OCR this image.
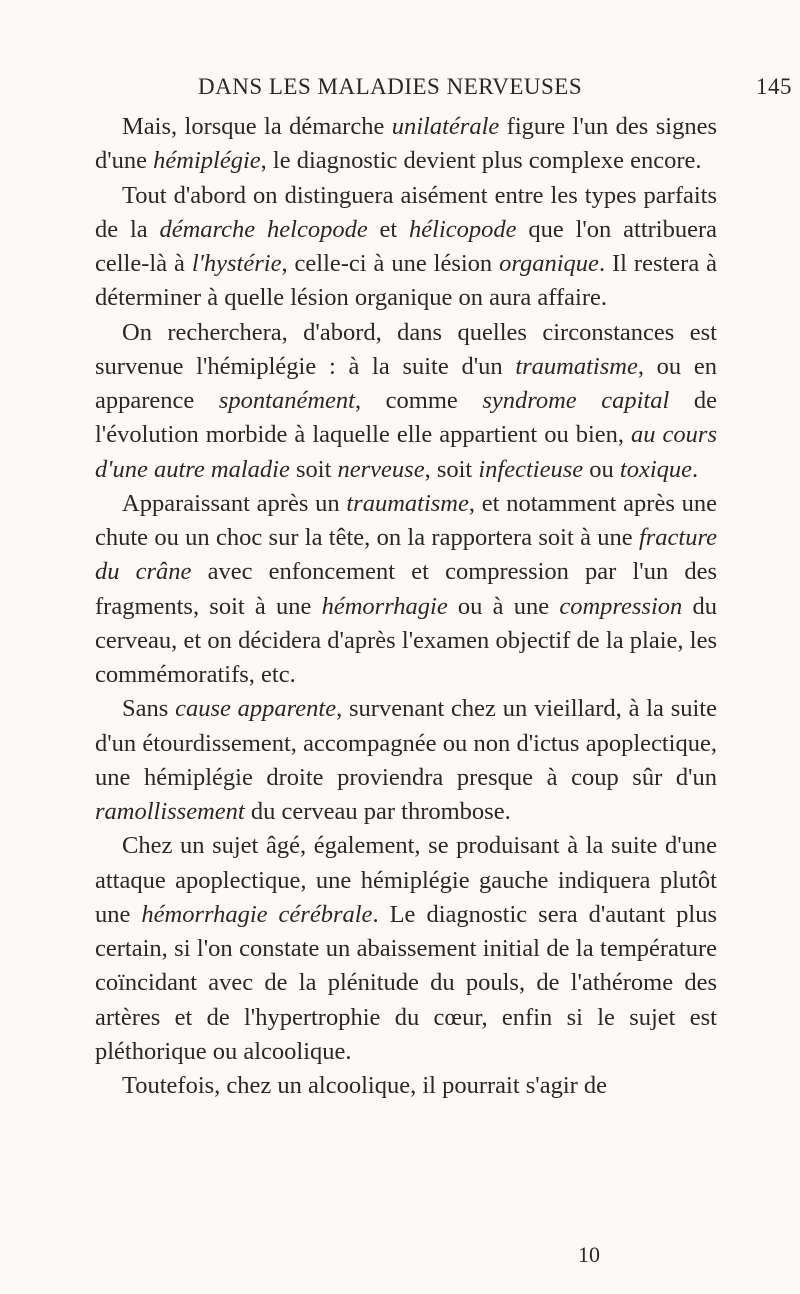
DANS LES MALADIES NERVEUSES	145

Mais, lorsque la démarche unilatérale figure l'un des signes d'une hémiplégie, le diagnostic devient plus complexe encore.

Tout d'abord on distinguera aisément entre les types parfaits de la démarche helcopode et hélicopode que l'on attribuera celle-là à l'hystérie, celle-ci à une lésion organique. Il restera à déterminer à quelle lésion organique on aura affaire.

On recherchera, d'abord, dans quelles circonstances est survenue l'hémiplégie : à la suite d'un traumatisme, ou en apparence spontanément, comme syndrome capital de l'évolution morbide à laquelle elle appartient ou bien, au cours d'une autre maladie soit nerveuse, soit infectieuse ou toxique.

Apparaissant après un traumatisme, et notamment après une chute ou un choc sur la tête, on la rapportera soit à une fracture du crâne avec enfoncement et compression par l'un des fragments, soit à une hémorrhagie ou à une compression du cerveau, et on décidera d'après l'examen objectif de la plaie, les commémoratifs, etc.

Sans cause apparente, survenant chez un vieillard, à la suite d'un étourdissement, accompagnée ou non d'ictus apoplectique, une hémiplégie droite proviendra presque à coup sûr d'un ramollissement du cerveau par thrombose.

Chez un sujet âgé, également, se produisant à la suite d'une attaque apoplectique, une hémiplégie gauche indiquera plutôt une hémorrhagie cérébrale. Le diagnostic sera d'autant plus certain, si l'on constate un abaissement initial de la température coïncidant avec de la plénitude du pouls, de l'athérome des artères et de l'hypertrophie du cœur, enfin si le sujet est pléthorique ou alcoolique.

Toutefois, chez un alcoolique, il pourrait s'agir de

10
